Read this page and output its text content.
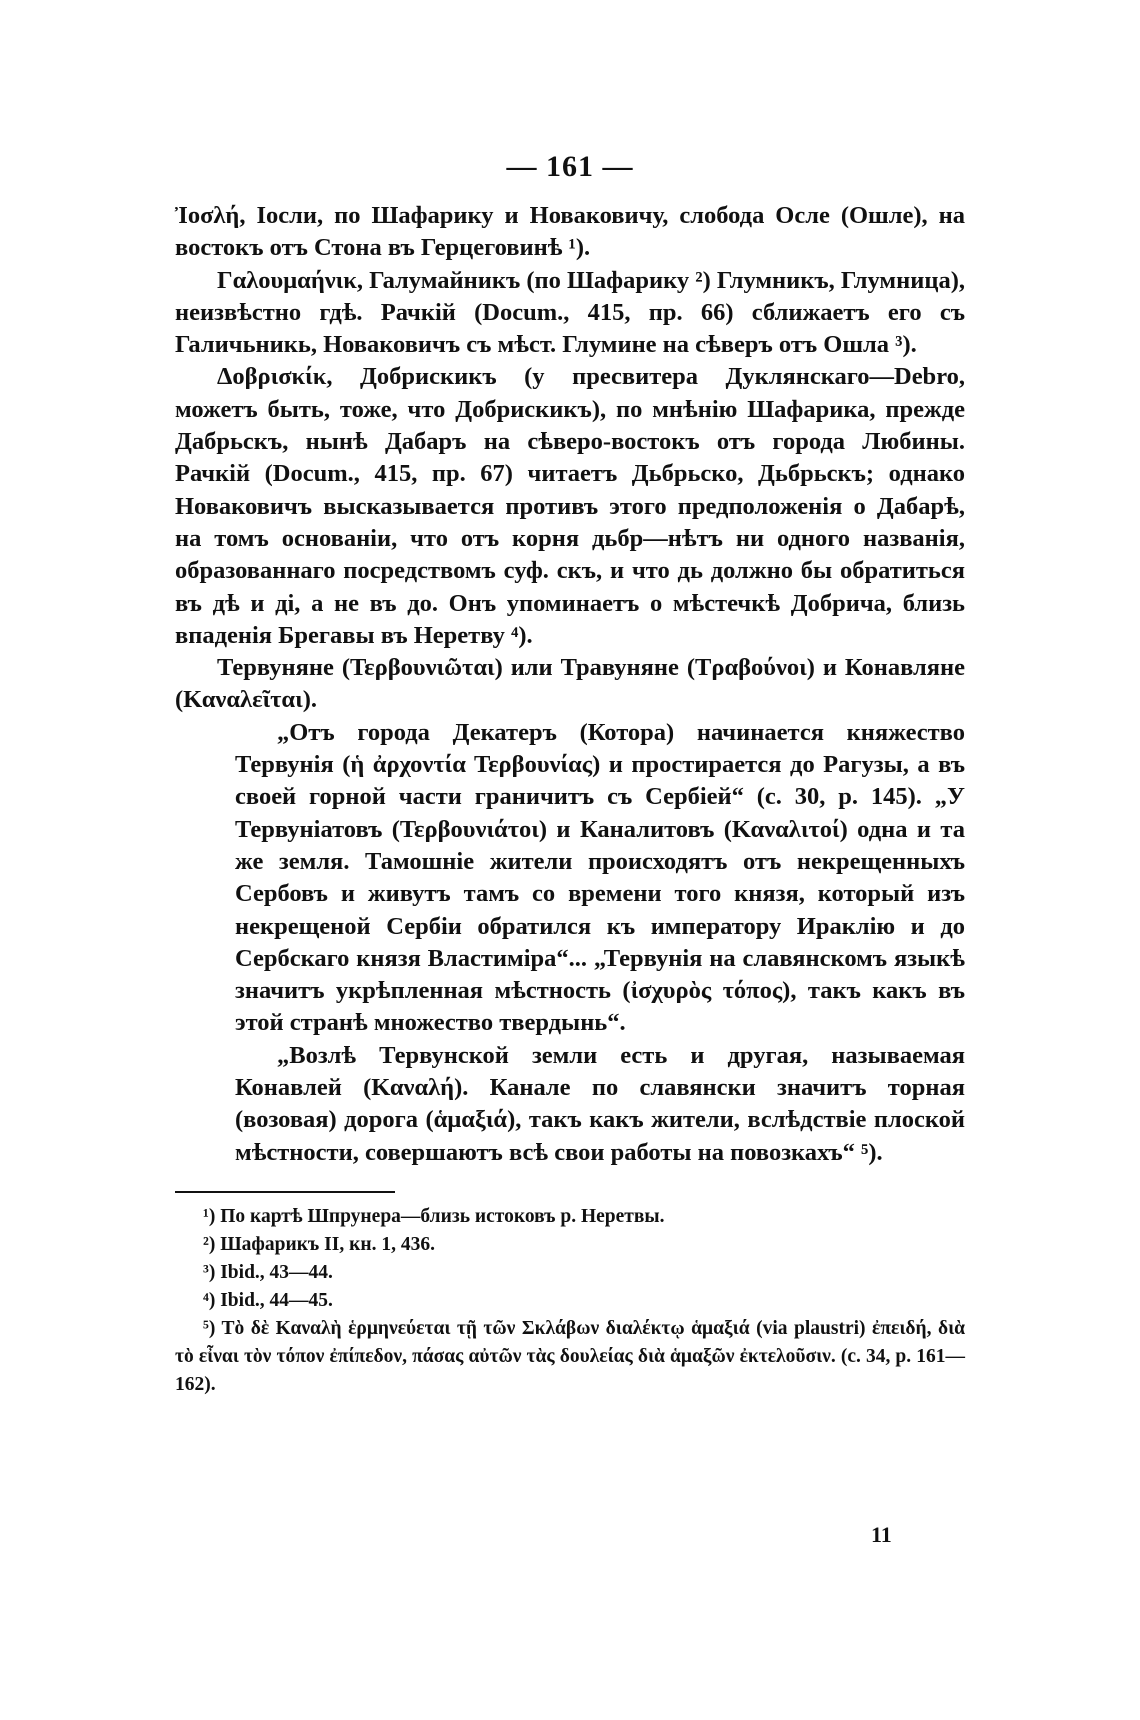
— 161 —

Ἰοσλή, Іосли, по Шафарику и Новаковичу, слобода Осле (Ошле), на востокъ отъ Стона въ Герцеговинѣ ¹).

Γαλουμαήνικ, Галумайникъ (по Шафарику ²) Глумникъ, Глумница), неизвѣстно гдѣ. Рачкій (Docum., 415, пр. 66) сближаетъ его съ Галичьникь, Новаковичъ съ мѣст. Глумине на сѣверъ отъ Ошла ³).

Δοβρισκίκ, Добрискикъ (у пресвитера Дуклянскаго—Debro, можетъ быть, тоже, что Добрискикъ), по мнѣнію Шафарика, прежде Дабрьскъ, нынѣ Дабаръ на сѣверо-востокъ отъ города Любины. Рачкій (Docum., 415, пр. 67) читаетъ Дьбрьско, Дьбрьскъ; однако Новаковичъ высказывается противъ этого предположенія о Дабарѣ, на томъ основаніи, что отъ корня дьбр—нѣтъ ни одного названія, образованнаго посредствомъ суф. скъ, и что дь должно бы обратиться въ дѣ и ді, а не въ до. Онъ упоминаетъ о мѣстечкѣ Добрича, близь впаденія Брегавы въ Неретву ⁴).

Тервуняне (Τερβουνιῶται) или Травуняне (Τραβούνοι) и Конавляне (Καναλεῖται).

„Отъ города Декатеръ (Котора) начинается княжество Тервунія (ἡ ἀρχοντία Τερβουνίας) и простирается до Рагузы, а въ своей горной части граничитъ съ Сербіей“ (с. 30, p. 145). „У Тервуніатовъ (Τερβουνιάτοι) и Каналитовъ (Καναλιτοί) одна и та же земля. Тамошніе жители происходятъ отъ некрещенныхъ Сербовъ и живутъ тамъ со времени того князя, который изъ некрещеной Сербіи обратился къ императору Ираклію и до Сербскаго князя Властиміра“... „Тервунія на славянскомъ языкѣ значитъ укрѣпленная мѣстность (ἰσχυρὸς τόπος), такъ какъ въ этой странѣ множество твердынь“.

„Возлѣ Тервунской земли есть и другая, называемая Конавлей (Καναλή). Канале по славянски значитъ торная (возовая) дорога (ἁμαξιά), такъ какъ жители, вслѣдствіе плоской мѣстности, совершаютъ всѣ свои работы на повозкахъ“ ⁵).

¹) По картѣ Шпрунера—близь истоковъ р. Неретвы.

²) Шафарикъ II, кн. 1, 436.

³) Ibid., 43—44.

⁴) Ibid., 44—45.

⁵) Τὸ δὲ Καναλὴ ἑρμηνεύεται τῇ τῶν Σκλάβων διαλέκτῳ ἁμαξιά (via plaustri) ἐπειδή, διὰ τὸ εἶναι τὸν τόπον ἐπίπεδον, πάσας αὐτῶν τὰς δουλείας διὰ ἁμαξῶν ἐκτελοῦσιν. (с. 34, p. 161—162).

11
